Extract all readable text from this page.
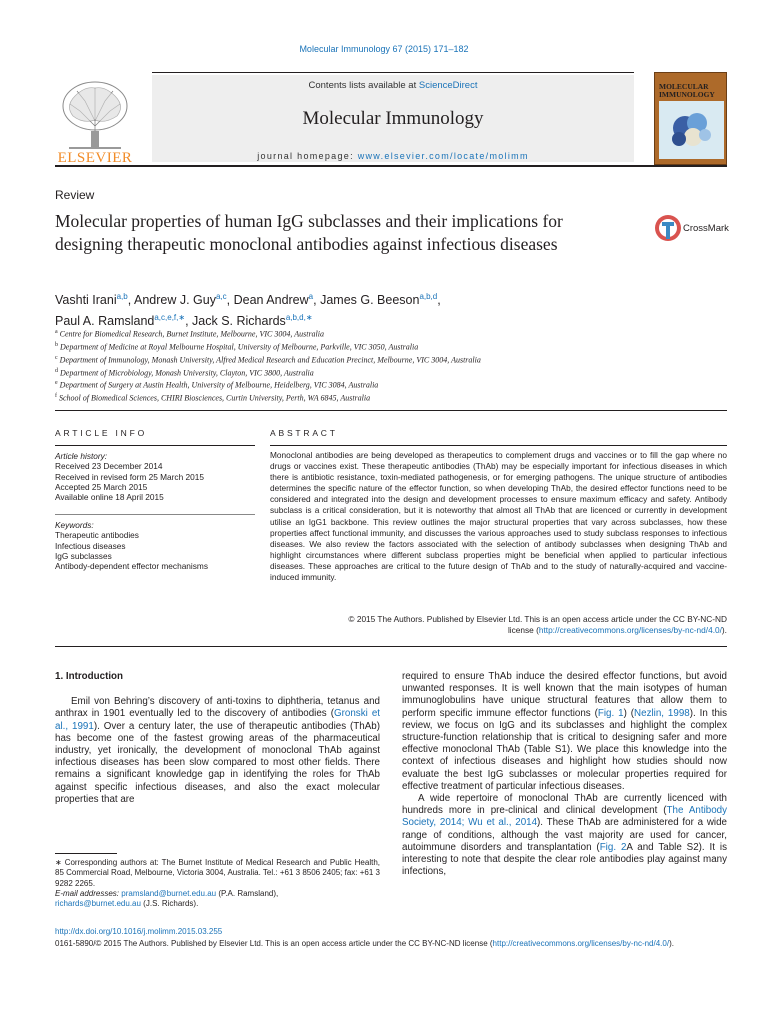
Molecular Immunology 67 (2015) 171–182
Contents lists available at ScienceDirect
Molecular Immunology
journal homepage: www.elsevier.com/locate/molimm
ELSEVIER
MOLECULAR IMMUNOLOGY
Review
Molecular properties of human IgG subclasses and their implications for designing therapeutic monoclonal antibodies against infectious diseases
CrossMark
Vashti Irani$^{a,b}$, Andrew J. Guy$^{a,c}$, Dean Andrew$^a$, James G. Beeson$^{a,b,d}$,
Paul A. Ramsland$^{a,c,e,f,∗}$, Jack S. Richards$^{a,b,d,∗}$
$^a$ Centre for Biomedical Research, Burnet Institute, Melbourne, VIC 3004, Australia
$^b$ Department of Medicine at Royal Melbourne Hospital, University of Melbourne, Parkville, VIC 3050, Australia
$^c$ Department of Immunology, Monash University, Alfred Medical Research and Education Precinct, Melbourne, VIC 3004, Australia
$^d$ Department of Microbiology, Monash University, Clayton, VIC 3800, Australia
$^e$ Department of Surgery at Austin Health, University of Melbourne, Heidelberg, VIC 3084, Australia
$^f$ School of Biomedical Sciences, CHIRI Biosciences, Curtin University, Perth, WA 6845, Australia
ARTICLE INFO	ABSTRACT
Article history:
Received 23 December 2014
Received in revised form 25 March 2015
Accepted 25 March 2015
Available online 18 April 2015
Keywords:
Therapeutic antibodies
Infectious diseases
IgG subclasses
Antibody-dependent effector mechanisms
Monoclonal antibodies are being developed as therapeutics to complement drugs and vaccines or to fill the gap where no drugs or vaccines exist. These therapeutic antibodies (ThAb) may be especially important for infectious diseases in which there is antibiotic resistance, toxin-mediated pathogenesis, or for emerging pathogens. The unique structure of antibodies determines the specific nature of the effector function, so when developing ThAb, the desired effector functions need to be considered and integrated into the design and development processes to ensure maximum efficacy and safety. Antibody subclass is a critical consideration, but it is noteworthy that almost all ThAb that are licenced or currently in development utilise an IgG1 backbone. This review outlines the major structural properties that vary across subclasses, how these properties affect functional immunity, and discusses the various approaches used to study subclass responses to infectious diseases. We also review the factors associated with the selection of antibody subclasses when designing ThAb and highlight circumstances where different subclass properties might be beneficial when applied to particular infectious diseases. These approaches are critical to the future design of ThAb and to the study of naturally-acquired and vaccine-induced immunity.
© 2015 The Authors. Published by Elsevier Ltd. This is an open access article under the CC BY-NC-ND
license (http://creativecommons.org/licenses/by-nc-nd/4.0/).
1. Introduction

Emil von Behring’s discovery of anti-toxins to diphtheria, tetanus and anthrax in 1901 eventually led to the discovery of antibodies (Gronski et al., 1991). Over a century later, the use of therapeutic antibodies (ThAb) has become one of the fastest growing areas of the pharmaceutical industry, yet ironically, the development of monoclonal ThAb against infectious diseases has been slow compared to most other fields. There remains a significant knowledge gap in identifying the roles for ThAb against specific infectious diseases, and also the exact molecular properties that are

required to ensure ThAb induce the desired effector functions, but avoid unwanted responses. It is well known that the main isotypes of human immunoglobulins have unique structural features that allow them to perform specific immune effector functions (Fig. 1) (Nezlin, 1998). In this review, we focus on IgG and its subclasses and highlight the complex structure-function relationship that is critical to designing safer and more effective monoclonal ThAb (Table S1). We place this knowledge into the context of infectious diseases and highlight how studies should now evaluate the best IgG subclasses or molecular properties required for effective treatment of particular infectious diseases.

A wide repertoire of monoclonal ThAb are currently licenced with hundreds more in pre-clinical and clinical development (The Antibody Society, 2014; Wu et al., 2014). These ThAb are administered for a wide range of conditions, although the vast majority are used for cancer, autoimmune disorders and transplantation (Fig. 2A and Table S2). It is interesting to note that despite the clear role antibodies play against many infections,

∗ Corresponding authors at: The Burnet Institute of Medical Research and Public Health, 85 Commercial Road, Melbourne, Victoria 3004, Australia. Tel.: +61 3 8506 2405; fax: +61 3 9282 2265.
E-mail addresses: pramsland@burnet.edu.au (P.A. Ramsland),
richards@burnet.edu.au (J.S. Richards).
http://dx.doi.org/10.1016/j.molimm.2015.03.255
0161-5890/© 2015 The Authors. Published by Elsevier Ltd. This is an open access article under the CC BY-NC-ND license (http://creativecommons.org/licenses/by-nc-nd/4.0/).
